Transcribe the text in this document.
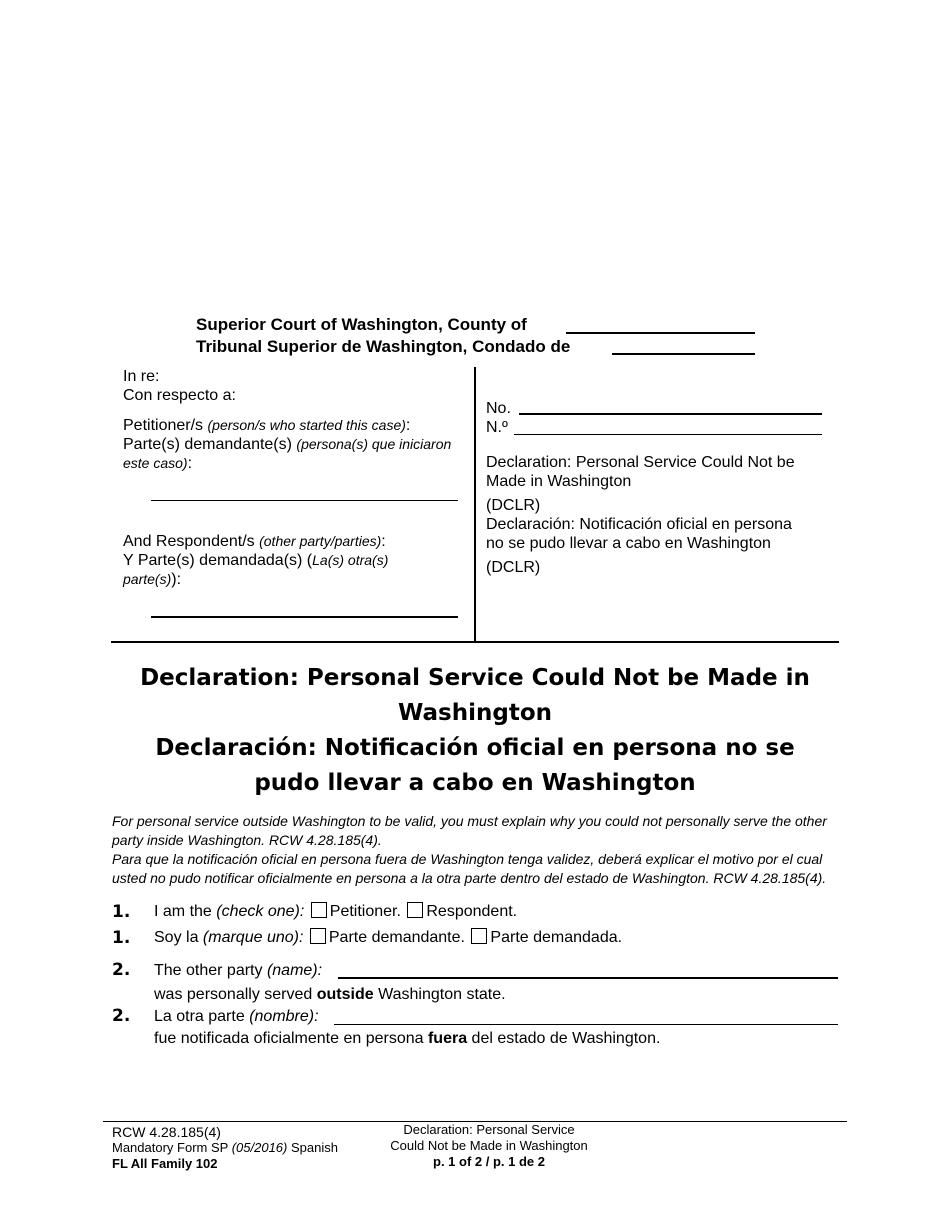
Superior Court of Washington, County of
Tribunal Superior de Washington, Condado de
In re:
Con respecto a:
Petitioner/s (person/s who started this case):
Parte(s) demandante(s) (persona(s) que iniciaron
este caso):
And Respondent/s (other party/parties):
Y Parte(s) demandada(s) (La(s) otra(s)
parte(s)):
No.
N.º
Declaration: Personal Service Could Not be
Made in Washington
(DCLR)
Declaración: Notificación oficial en persona
no se pudo llevar a cabo en Washington
(DCLR)
Declaration: Personal Service Could Not be Made in
Washington
Declaración: Notificación oficial en persona no se
pudo llevar a cabo en Washington
For personal service outside Washington to be valid, you must explain why you could not personally serve the other
party inside Washington. RCW 4.28.185(4).
Para que la notificación oficial en persona fuera de Washington tenga validez, deberá explicar el motivo por el cual
usted no pudo notificar oficialmente en persona a la otra parte dentro del estado de Washington. RCW 4.28.185(4).
1. I am the (check one): Petitioner. Respondent.
1. Soy la (marque uno): Parte demandante. Parte demandada.
2. The other party (name):
was personally served outside Washington state.
2. La otra parte (nombre):
fue notificada oficialmente en persona fuera del estado de Washington.
RCW 4.28.185(4)
Mandatory Form SP (05/2016) Spanish
FL All Family 102
Declaration: Personal Service
Could Not be Made in Washington
p. 1 of 2 / p. 1 de 2
